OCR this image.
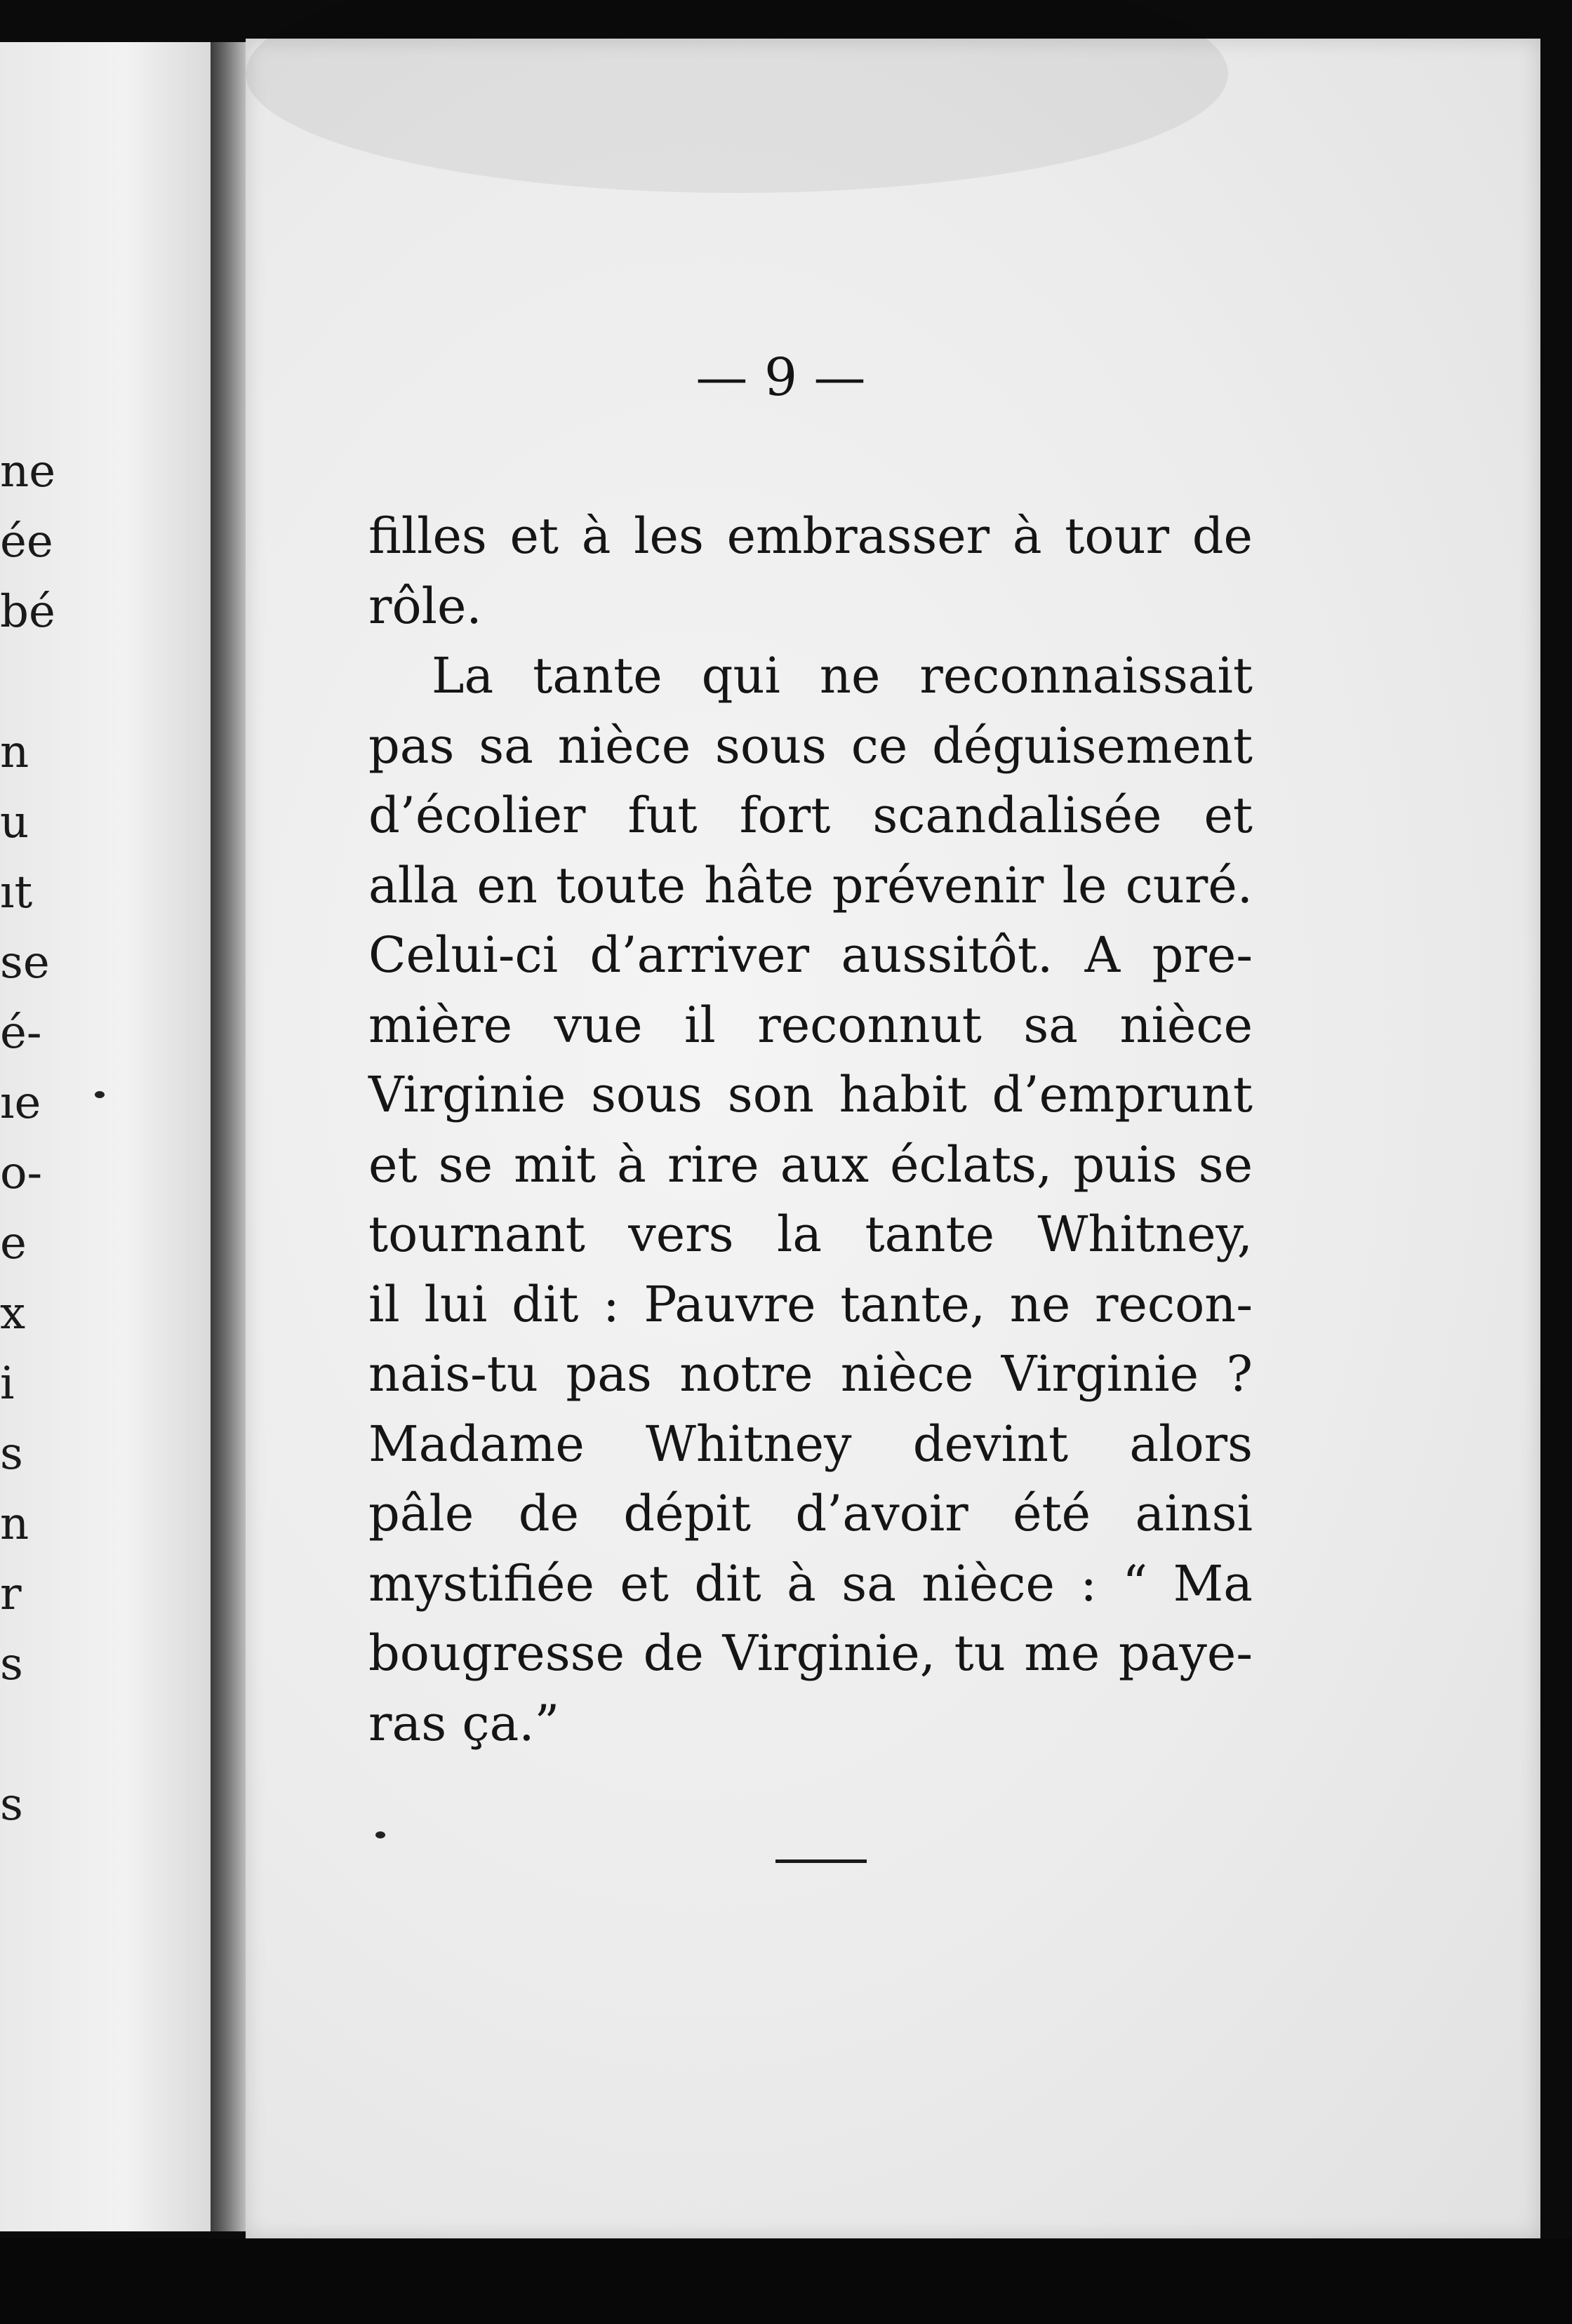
ne
ée
bé
n
u
ıt
se
é-
ıe
o-
e
x
i
s
n
r
s
s
— 9 —
filles et à les embrasser à tour de
rôle.
La tante qui ne reconnaissait
pas sa nièce sous ce déguisement
d’écolier fut fort scandalisée et
alla en toute hâte prévenir le curé.
Celui-ci d’arriver aussitôt. A pre-
mière vue il reconnut sa nièce
Virginie sous son habit d’emprunt
et se mit à rire aux éclats, puis se
tournant vers la tante Whitney,
il lui dit : Pauvre tante, ne recon-
nais-tu pas notre nièce Virginie ?
Madame Whitney devint alors
pâle de dépit d’avoir été ainsi
mystifiée et dit à sa nièce : “ Ma
bougresse de Virginie, tu me paye-
ras ça.”
